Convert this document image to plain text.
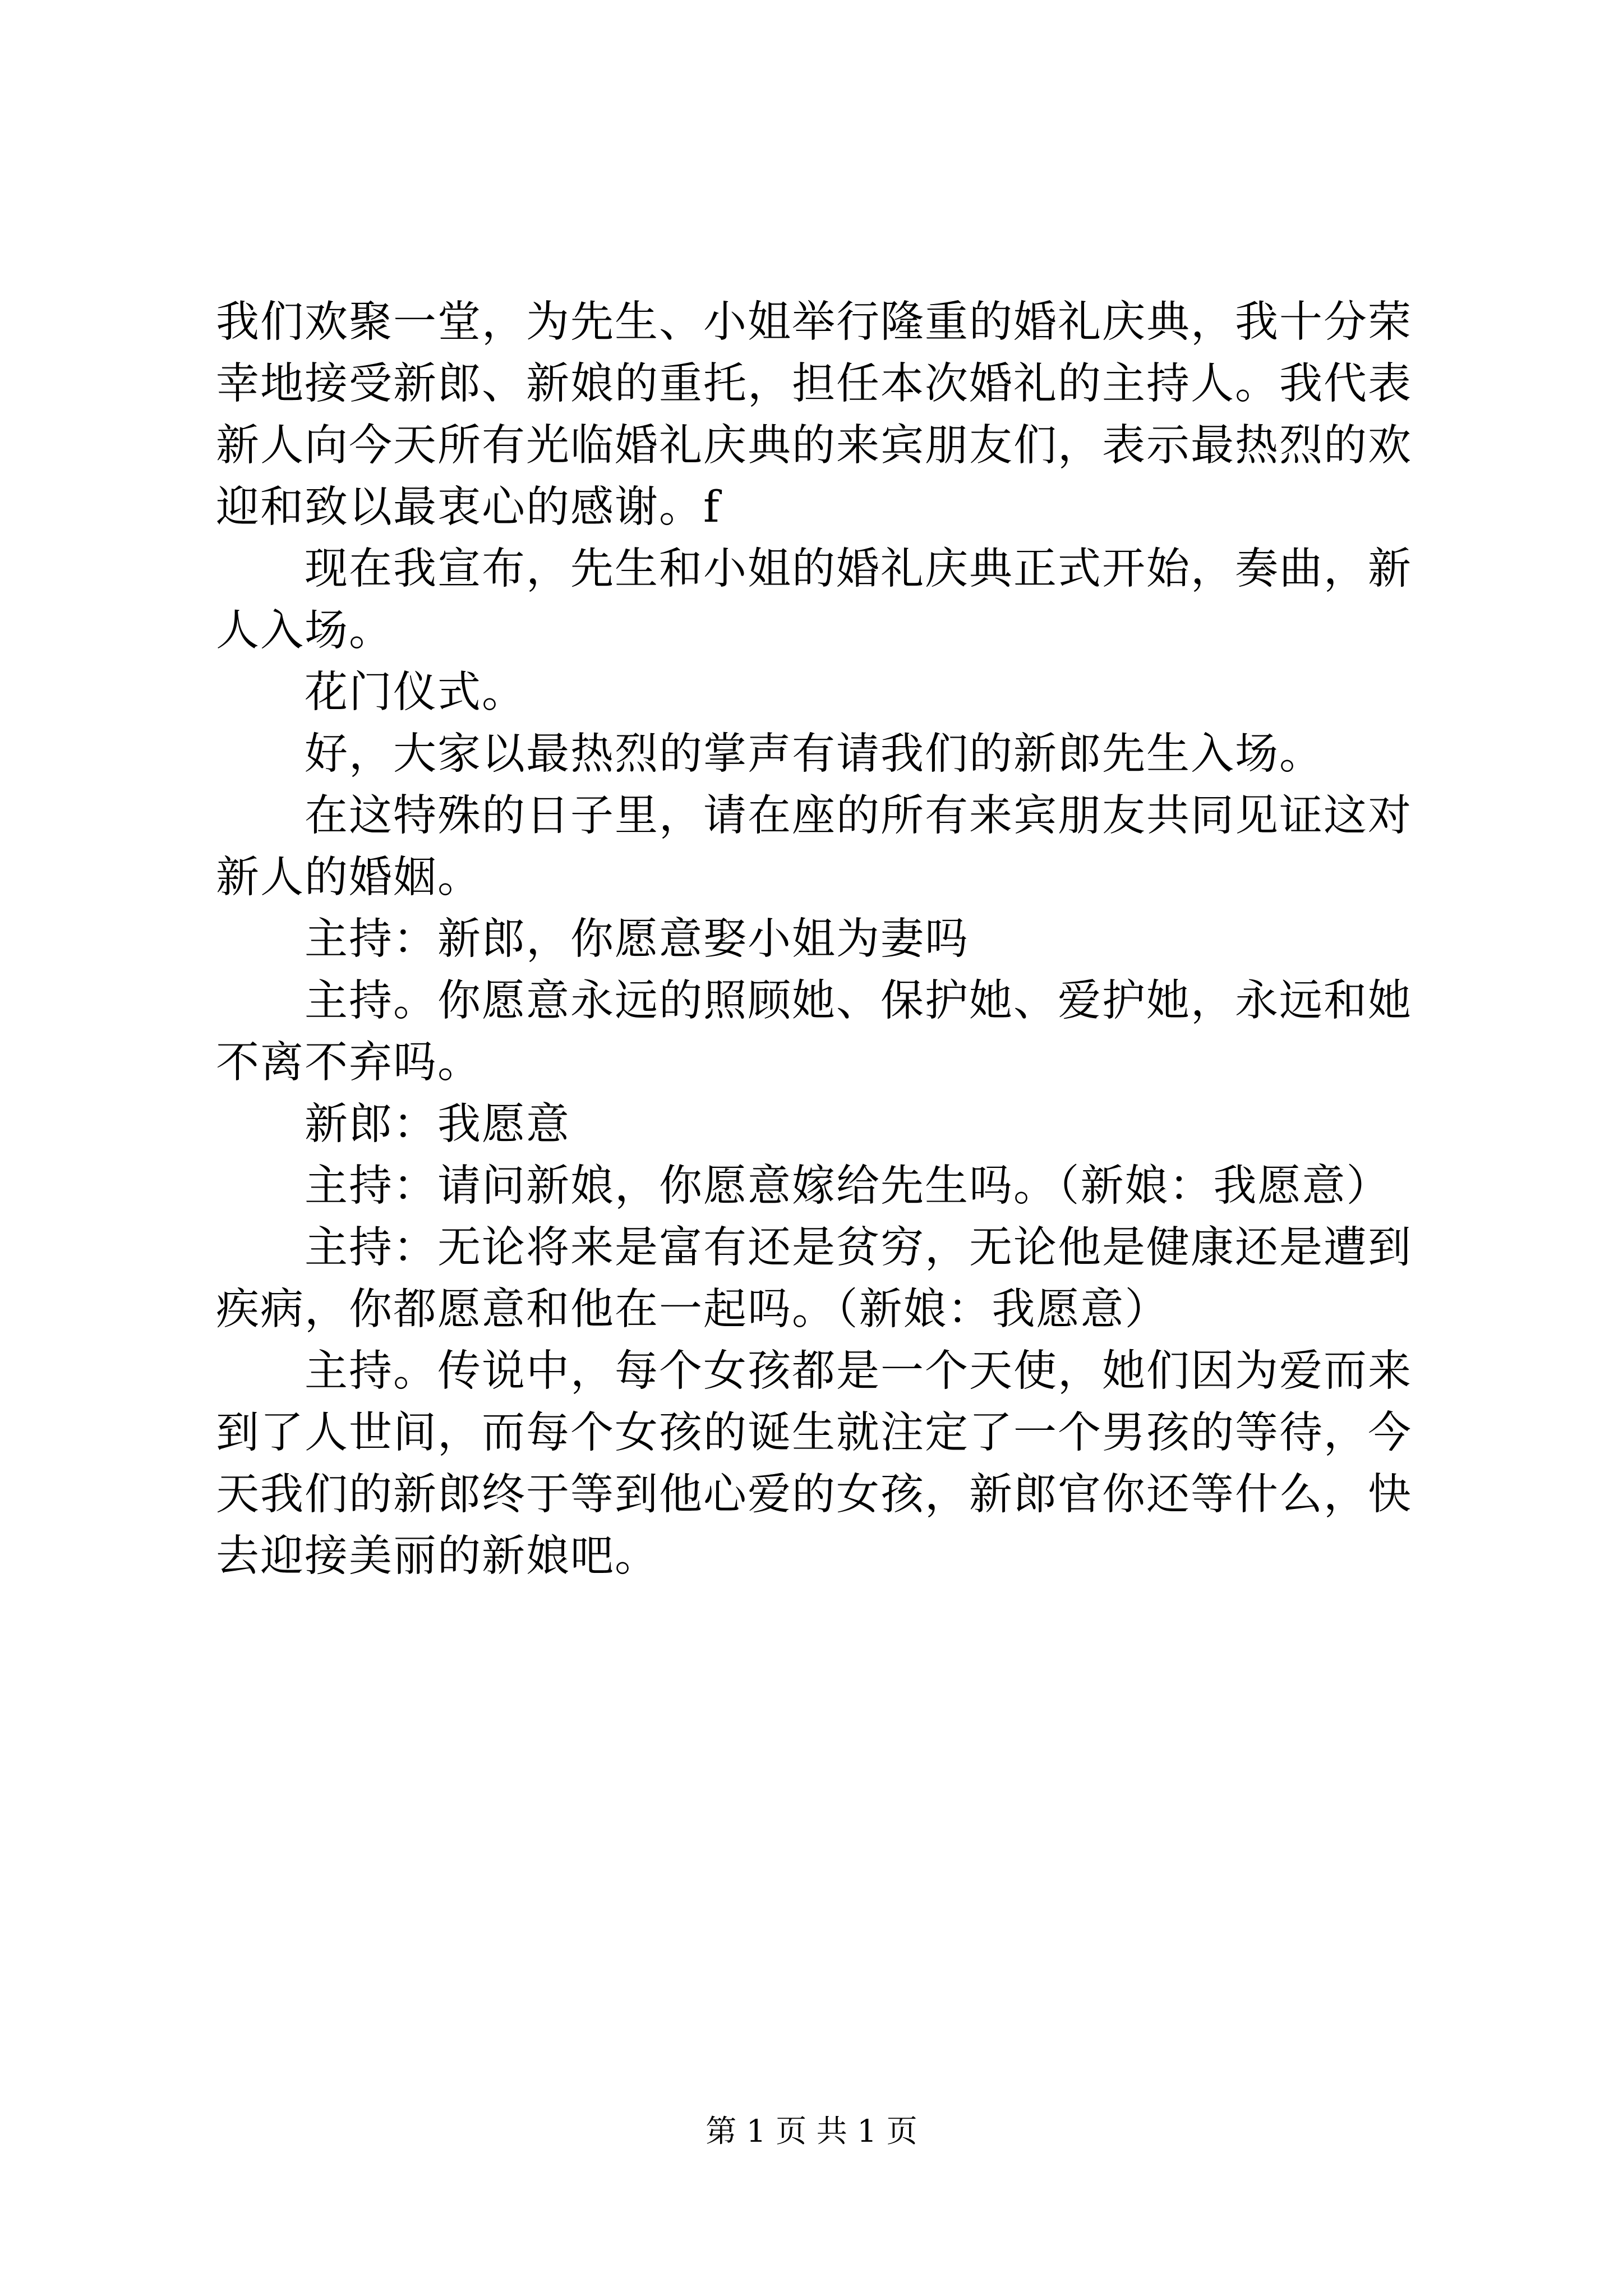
我们欢聚一堂，为先生、小姐举行隆重的婚礼庆典，我十分荣幸地接受新郎、新娘的重托，担任本次婚礼的主持人。我代表新人向今天所有光临婚礼庆典的来宾朋友们，表示最热烈的欢迎和致以最衷心的感谢。f

现在我宣布，先生和小姐的婚礼庆典正式开始，奏曲，新人入场。

花门仪式。

好，大家以最热烈的掌声有请我们的新郎先生入场。

在这特殊的日子里，请在座的所有来宾朋友共同见证这对新人的婚姻。

主持：新郎，你愿意娶小姐为妻吗

主持。你愿意永远的照顾她、保护她、爱护她，永远和她不离不弃吗。

新郎：我愿意

主持：请问新娘，你愿意嫁给先生吗。（新娘：我愿意）

主持：无论将来是富有还是贫穷，无论他是健康还是遭到疾病，你都愿意和他在一起吗。（新娘：我愿意）

主持。传说中，每个女孩都是一个天使，她们因为爱而来到了人世间，而每个女孩的诞生就注定了一个男孩的等待，今天我们的新郎终于等到他心爱的女孩，新郎官你还等什么，快去迎接美丽的新娘吧。

第 1 页 共 1 页
